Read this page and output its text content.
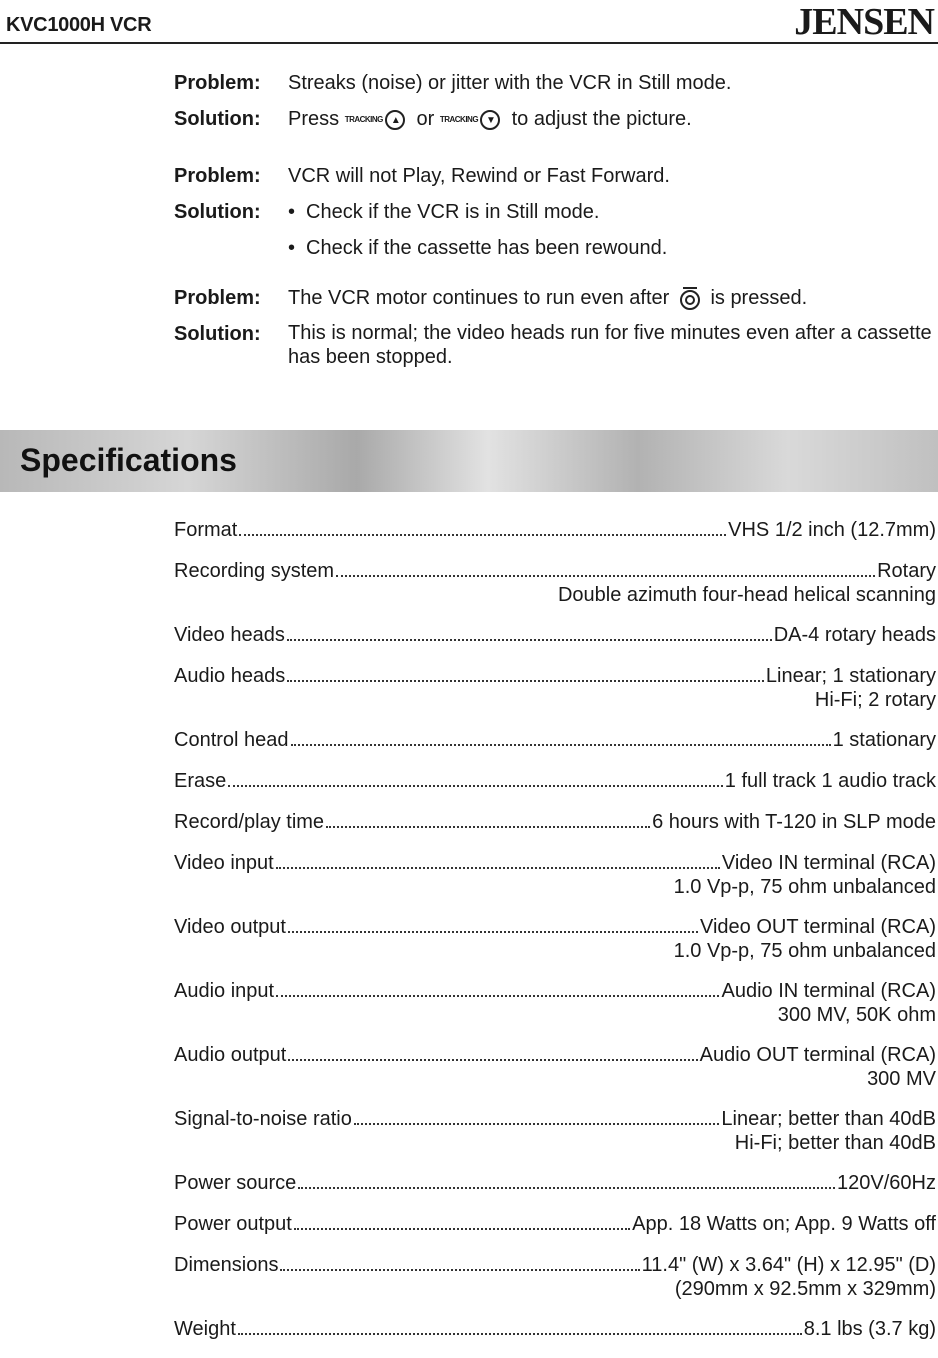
KVC1000H VCR	JENSEN
Problem:	Streaks (noise) or jitter with the VCR in Still mode.
Solution:	Press TRACKING ▲ or TRACKING ▼ to adjust the picture.
Problem:	VCR will not Play, Rewind or Fast Forward.
Solution:	• Check if the VCR is in Still mode.
• Check if the cassette has been rewound.
Problem:	The VCR motor continues to run even after is pressed.
Solution:	This is normal; the video heads run for five minutes even after a cassette has been stopped.
Specifications
Format	VHS 1/2 inch (12.7mm)
Recording system	Rotary
Double azimuth four-head helical scanning
Video heads	DA-4 rotary heads
Audio heads	Linear; 1 stationary
Hi-Fi; 2 rotary
Control head	1 stationary
Erase	1 full track 1 audio track
Record/play time	6 hours with T-120 in SLP mode
Video input	Video IN terminal (RCA)
1.0 Vp-p, 75 ohm unbalanced
Video output	Video OUT terminal (RCA)
1.0 Vp-p, 75 ohm unbalanced
Audio input	Audio IN terminal (RCA)
300 MV, 50K ohm
Audio output	Audio OUT terminal (RCA)
300 MV
Signal-to-noise ratio	Linear; better than 40dB
Hi-Fi; better than 40dB
Power source	120V/60Hz
Power output	App. 18 Watts on; App. 9 Watts off
Dimensions	11.4" (W) x 3.64" (H) x 12.95" (D)
(290mm x 92.5mm x 329mm)
Weight	8.1 lbs (3.7 kg)
